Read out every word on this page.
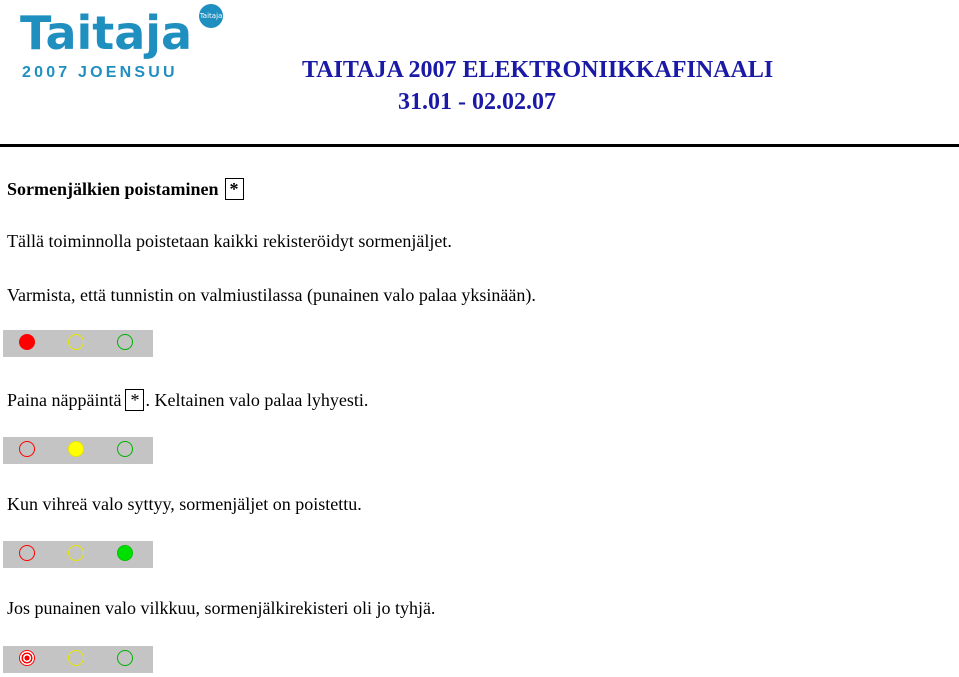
Taitaja Taitaja
2007 JOENSUU	TAITAJA 2007 ELEKTRONIIKKAFINAALI
31.01 - 02.02.07
Sormenjälkien poistaminen *
Tällä toiminnolla poistetaan kaikki rekisteröidyt sormenjäljet.
Varmista, että tunnistin on valmiustilassa (punainen valo palaa yksinään).
Paina näppäintä * . Keltainen valo palaa lyhyesti.
Kun vihreä valo syttyy, sormenjäljet on poistettu.
Jos punainen valo vilkkuu, sormenjälkirekisteri oli jo tyhjä.
